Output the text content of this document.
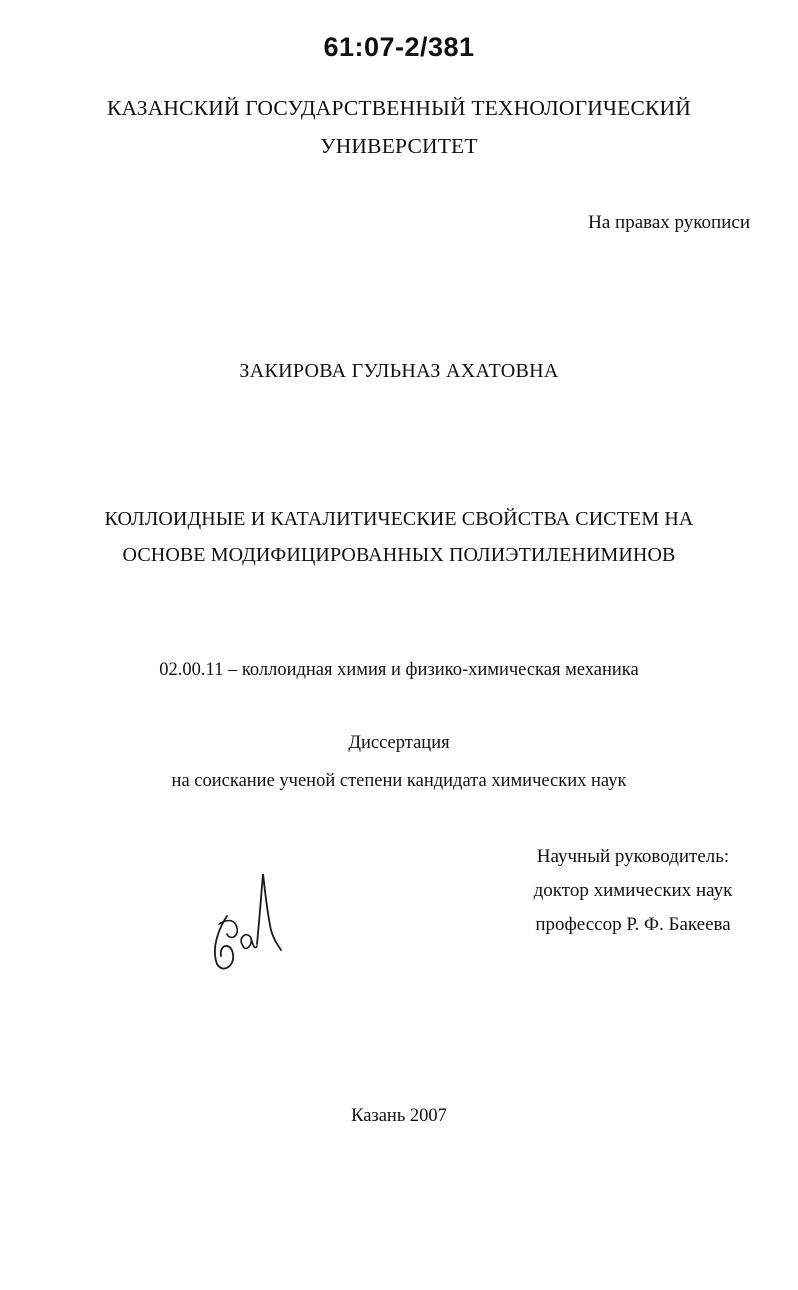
61:07-2/381
КАЗАНСКИЙ ГОСУДАРСТВЕННЫЙ ТЕХНОЛОГИЧЕСКИЙ
УНИВЕРСИТЕТ
На правах рукописи
ЗАКИРОВА ГУЛЬНАЗ АХАТОВНА
КОЛЛОИДНЫЕ И КАТАЛИТИЧЕСКИЕ СВОЙСТВА СИСТЕМ НА
ОСНОВЕ МОДИФИЦИРОВАННЫХ ПОЛИЭТИЛЕНИМИНОВ
02.00.11 – коллоидная химия и физико-химическая механика
Диссертация
на соискание ученой степени кандидата химических наук
Научный руководитель:
доктор химических наук
профессор Р. Ф. Бакеева
Казань 2007
